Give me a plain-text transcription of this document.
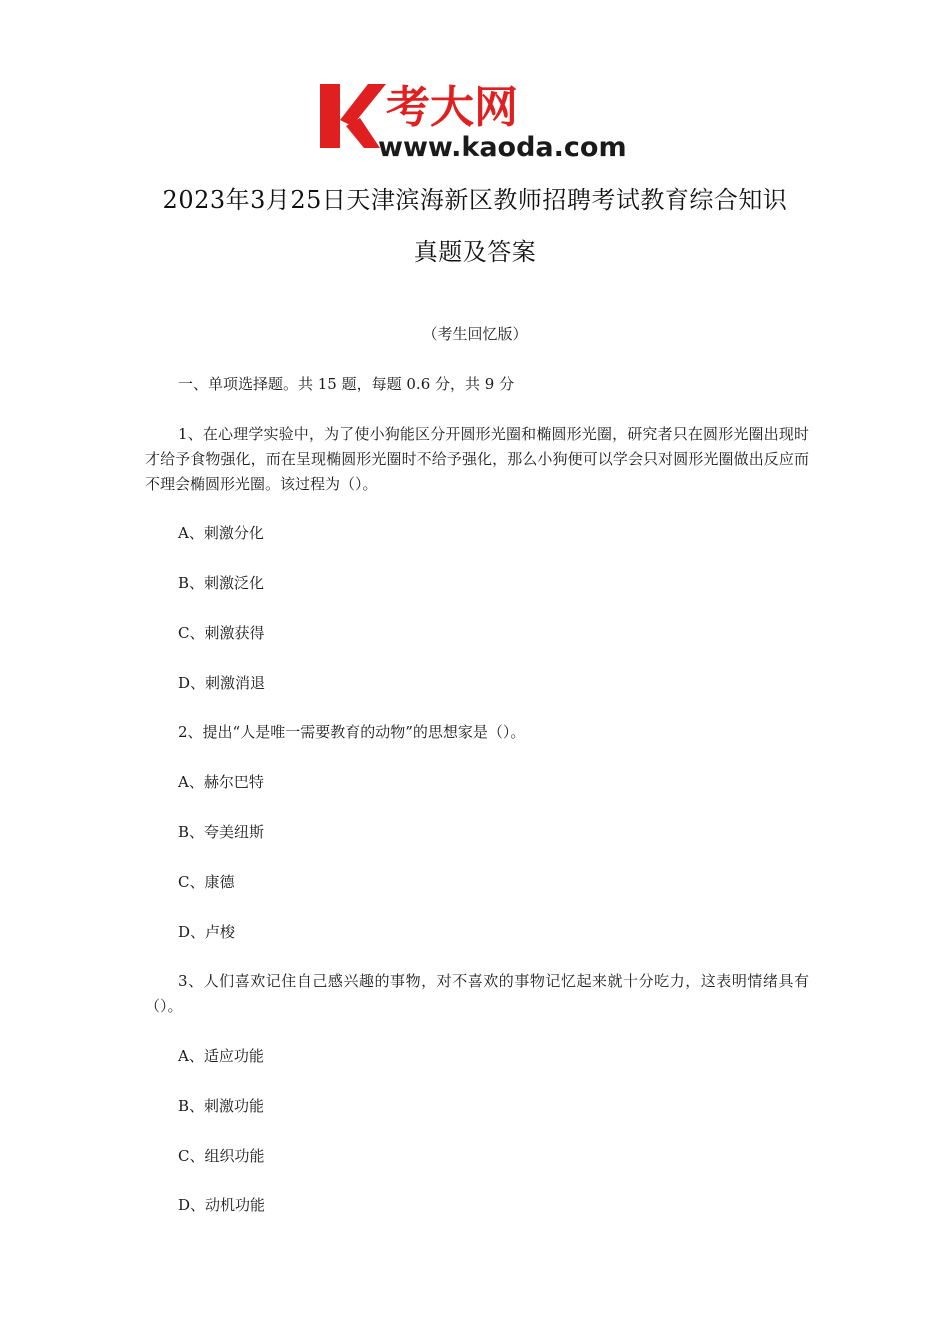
考大网
www.kaoda.com
2023年3月25日天津滨海新区教师招聘考试教育综合知识
真题及答案
（考生回忆版）
一、单项选择题。共 15 题，每题 0.6 分，共 9 分
1、在心理学实验中，为了使小狗能区分开圆形光圈和椭圆形光圈，研究者只在圆形光圈出现时才给予食物强化，而在呈现椭圆形光圈时不给予强化，那么小狗便可以学会只对圆形光圈做出反应而不理会椭圆形光圈。该过程为（）。
A、刺激分化
B、刺激泛化
C、刺激获得
D、刺激消退
2、提出“人是唯一需要教育的动物”的思想家是（）。
A、赫尔巴特
B、夸美纽斯
C、康德
D、卢梭
3、人们喜欢记住自己感兴趣的事物，对不喜欢的事物记忆起来就十分吃力，这表明情绪具有（）。
A、适应功能
B、刺激功能
C、组织功能
D、动机功能
